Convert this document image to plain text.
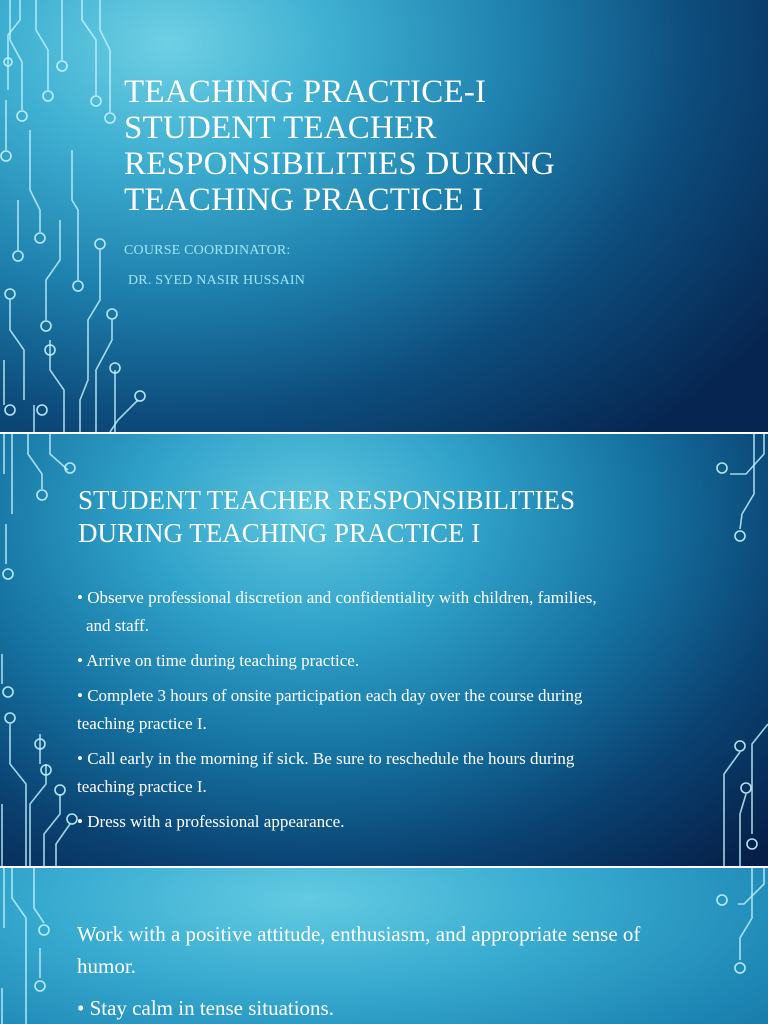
TEACHING PRACTICE-I
STUDENT TEACHER
RESPONSIBILITIES DURING
TEACHING PRACTICE I
COURSE COORDINATOR:
DR. SYED NASIR HUSSAIN
STUDENT TEACHER RESPONSIBILITIES
DURING TEACHING PRACTICE I
• Observe professional discretion and confidentiality with children, families,
and staff.
• Arrive on time during teaching practice.
• Complete 3 hours of onsite participation each day over the course during
teaching practice I.
• Call early in the morning if sick. Be sure to reschedule the hours during
teaching practice I.
• Dress with a professional appearance.
Work with a positive attitude, enthusiasm, and appropriate sense of
humor.
• Stay calm in tense situations.
